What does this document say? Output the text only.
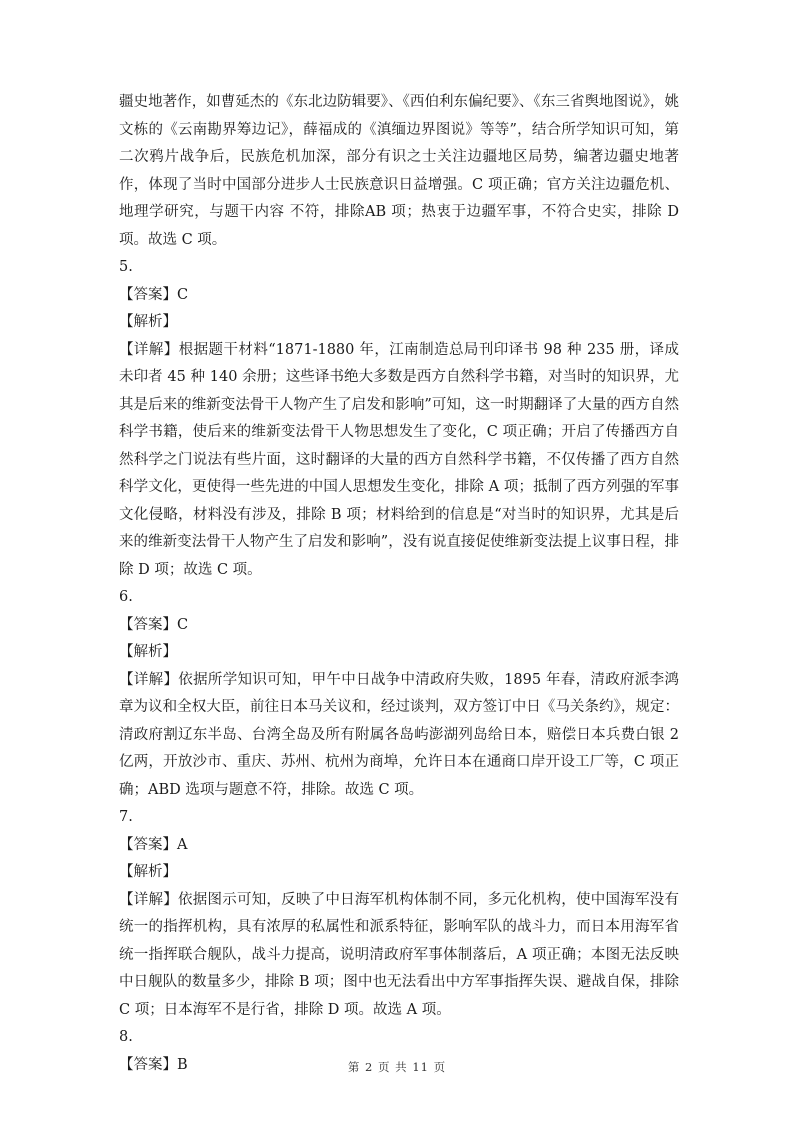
疆史地著作，如曹延杰的《东北边防辑要》、《西伯利东偏纪要》、《东三省舆地图说》，姚文栋的《云南勘界筹边记》，薛福成的《滇缅边界图说》等等”，结合所学知识可知，第二次鸦片战争后，民族危机加深，部分有识之士关注边疆地区局势，编著边疆史地著作，体现了当时中国部分进步人士民族意识日益增强。C 项正确；官方关注边疆危机、地理学研究，与题干内容 不符，排除AB 项；热衷于边疆军事，不符合史实，排除 D 项。故选 C 项。

5.

【答案】C

【解析】

【详解】根据题干材料“1871-1880 年，江南制造总局刊印译书 98 种 235 册，译成未印者 45 种 140 余册；这些译书绝大多数是西方自然科学书籍，对当时的知识界，尤其是后来的维新变法骨干人物产生了启发和影响”可知，这一时期翻译了大量的西方自然科学书籍，使后来的维新变法骨干人物思想发生了变化，C 项正确；开启了传播西方自然科学之门说法有些片面，这时翻译的大量的西方自然科学书籍，不仅传播了西方自然科学文化，更使得一些先进的中国人思想发生变化，排除 A 项；抵制了西方列强的军事文化侵略，材料没有涉及，排除 B 项；材料给到的信息是“对当时的知识界，尤其是后来的维新变法骨干人物产生了启发和影响”，没有说直接促使维新变法提上议事日程，排除 D 项；故选 C 项。

6.

【答案】C

【解析】

【详解】依据所学知识可知，甲午中日战争中清政府失败，1895 年春，清政府派李鸿章为议和全权大臣，前往日本马关议和，经过谈判，双方签订中日《马关条约》，规定：清政府割辽东半岛、台湾全岛及所有附属各岛屿澎湖列岛给日本，赔偿日本兵费白银 2 亿两，开放沙市、重庆、苏州、杭州为商埠，允许日本在通商口岸开设工厂等，C 项正确；ABD 选项与题意不符，排除。故选 C 项。

7.

【答案】A

【解析】

【详解】依据图示可知，反映了中日海军机构体制不同，多元化机构，使中国海军没有统一的指挥机构，具有浓厚的私属性和派系特征，影响军队的战斗力，而日本用海军省统一指挥联合舰队，战斗力提高，说明清政府军事体制落后，A 项正确；本图无法反映中日舰队的数量多少，排除 B 项；图中也无法看出中方军事指挥失误、避战自保，排除 C 项；日本海军不是行省，排除 D 项。故选 A 项。

8.

【答案】B	第 2 页 共 11 页
